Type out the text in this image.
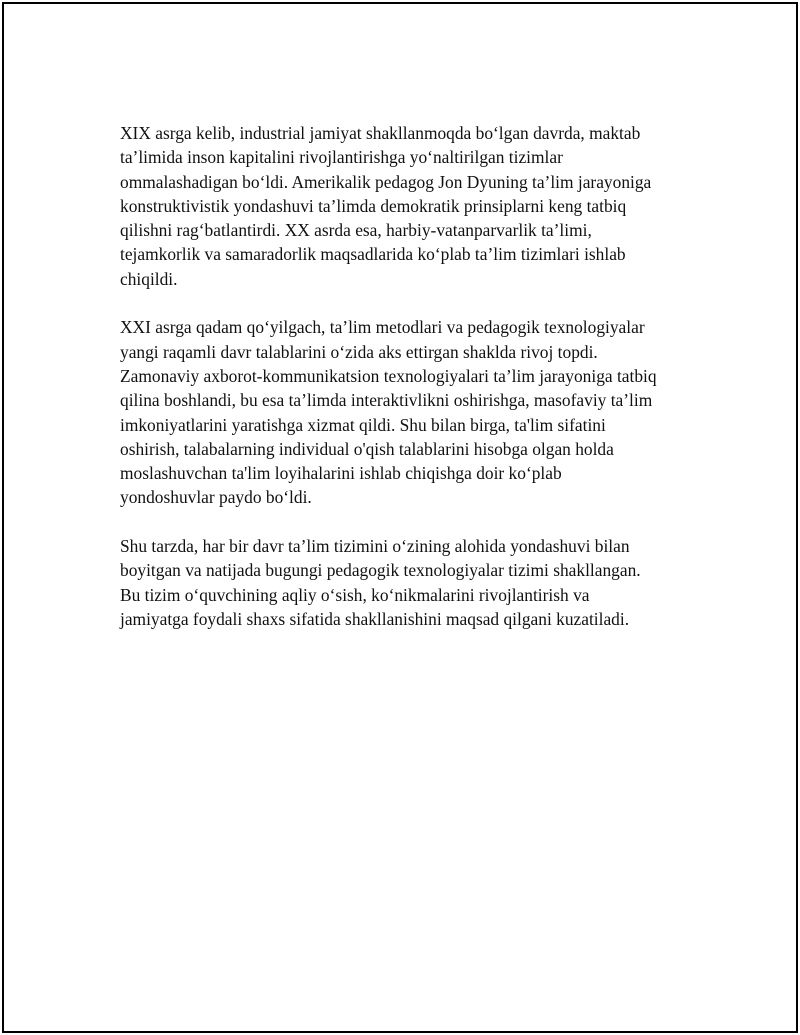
XIX asrga kelib, industrial jamiyat shakllanmoqda boʻlgan davrda, maktab
taʼlimida inson kapitalini rivojlantirishga yoʻnaltirilgan tizimlar
ommalashadigan boʻldi. Amerikalik pedagog Jon Dyuning taʼlim jarayoniga
konstruktivistik yondashuvi taʼlimda demokratik prinsiplarni keng tatbiq
qilishni ragʻbatlantirdi. XX asrda esa, harbiy-vatanparvarlik taʼlimi,
tejamkorlik va samaradorlik maqsadlarida koʻplab taʼlim tizimlari ishlab
chiqildi.

XXI asrga qadam qoʻyilgach, taʼlim metodlari va pedagogik texnologiyalar
yangi raqamli davr talablarini oʻzida aks ettirgan shaklda rivoj topdi.
Zamonaviy axborot-kommunikatsion texnologiyalari taʼlim jarayoniga tatbiq
qilina boshlandi, bu esa taʼlimda interaktivlikni oshirishga, masofaviy taʼlim
imkoniyatlarini yaratishga xizmat qildi. Shu bilan birga, ta'lim sifatini
oshirish, talabalarning individual o'qish talablarini hisobga olgan holda
moslashuvchan ta'lim loyihalarini ishlab chiqishga doir koʻplab
yondoshuvlar paydo boʻldi.

Shu tarzda, har bir davr taʼlim tizimini oʻzining alohida yondashuvi bilan
boyitgan va natijada bugungi pedagogik texnologiyalar tizimi shakllangan.
Bu tizim oʻquvchining aqliy oʻsish, koʻnikmalarini rivojlantirish va
jamiyatga foydali shaxs sifatida shakllanishini maqsad qilgani kuzatiladi.
